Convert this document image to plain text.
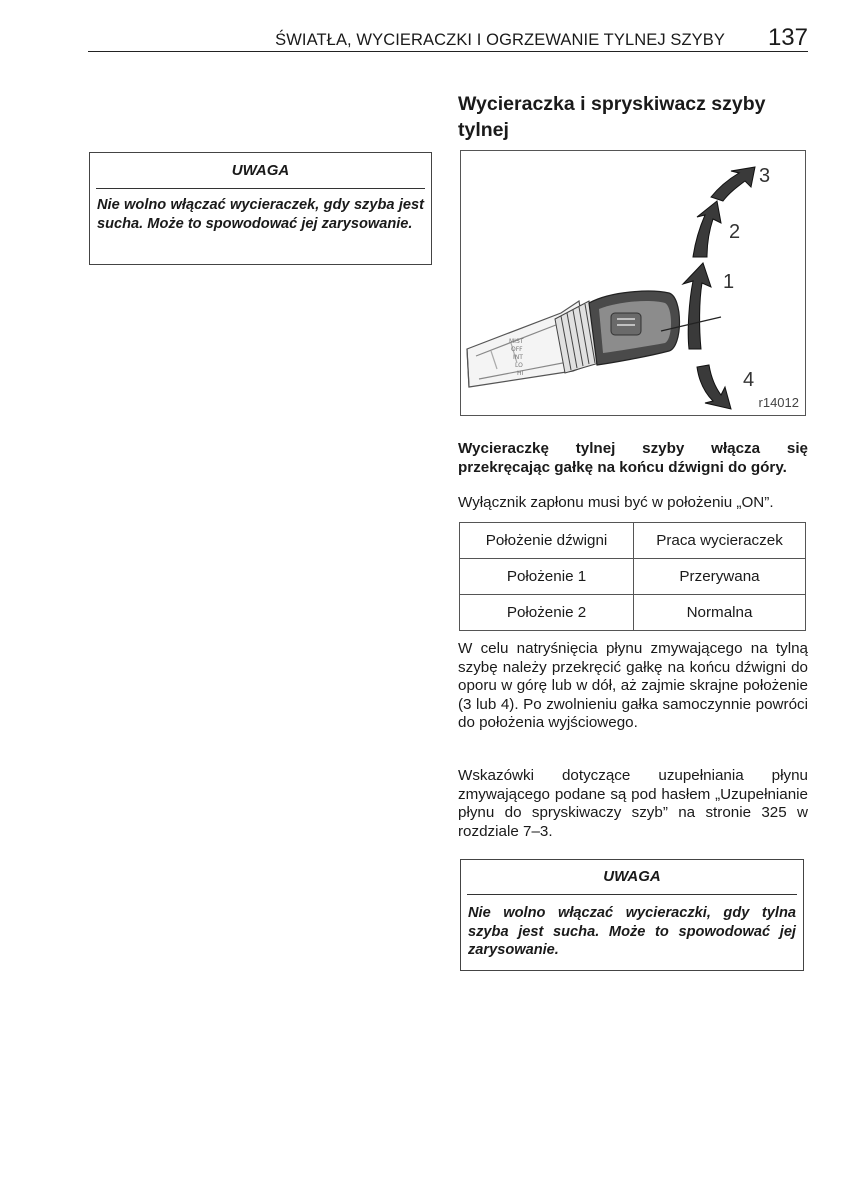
ŚWIATŁA, WYCIERACZKI I OGRZEWANIE TYLNEJ SZYBY	137
UWAGA
Nie wolno włączać wycieraczek, gdy szyba jest sucha. Może to spowodować jej zarysowanie.
Wycieraczka i spryskiwacz szyby tylnej
MIST
OFF
INT
LO
HI
3
2
1
4
r14012
Wycieraczkę tylnej szyby włącza się przekręcając gałkę na końcu dźwigni do góry.
Wyłącznik zapłonu musi być w położeniu „ON”.
Położenie dźwigni	Praca wycieraczek
Położenie 1	Przerywana
Położenie 2	Normalna
W celu natryśnięcia płynu zmywającego na tylną szybę należy przekręcić gałkę na końcu dźwigni do oporu w górę lub w dół, aż zajmie skrajne położenie (3 lub 4). Po zwolnieniu gałka samoczynnie powróci do położenia wyjściowego.
Wskazówki dotyczące uzupełniania płynu zmywającego podane są pod hasłem „Uzupełnianie płynu do spryskiwaczy szyb” na stronie 325 w rozdziale 7–3.
UWAGA
Nie wolno włączać wycieraczki, gdy tylna szyba jest sucha. Może to spowodować jej zarysowanie.
